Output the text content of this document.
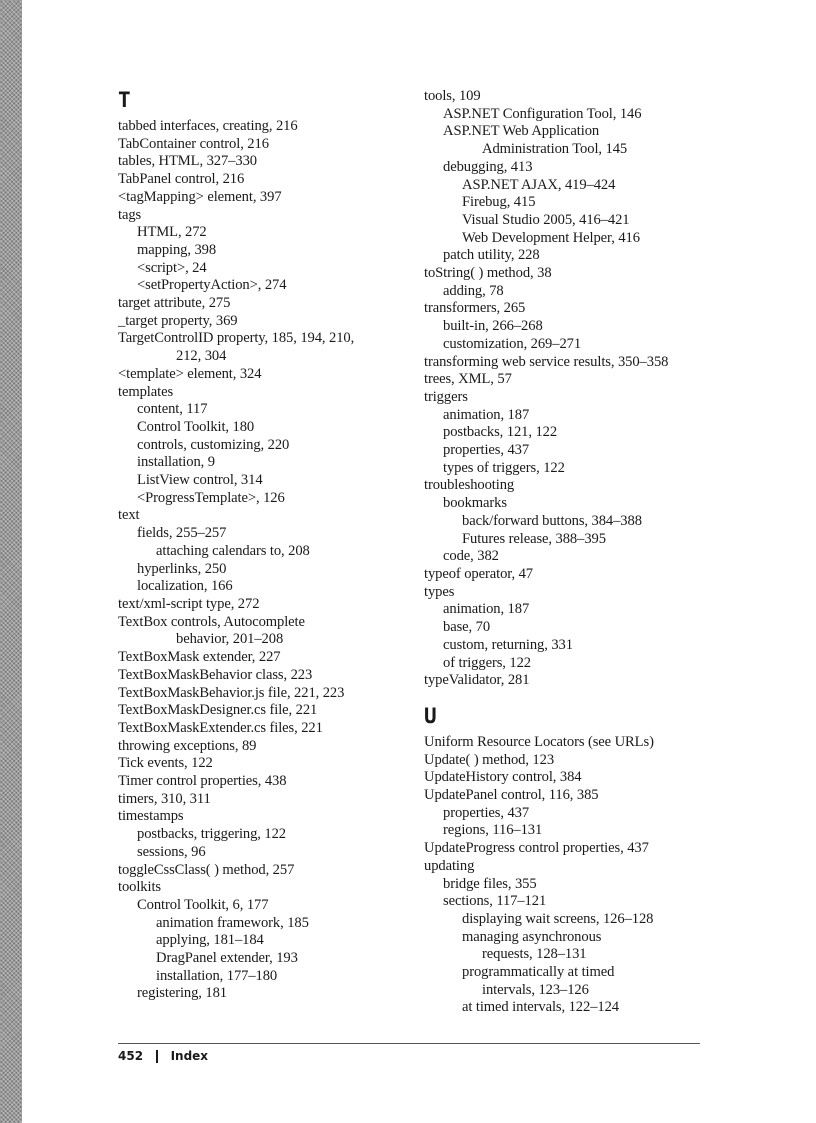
T
tabbed interfaces, creating, 216
TabContainer control, 216
tables, HTML, 327–330
TabPanel control, 216
<tagMapping> element, 397
tags
HTML, 272
mapping, 398
<script>, 24
<setPropertyAction>, 274
target attribute, 275
_target property, 369
TargetControlID property, 185, 194, 210,
212, 304
<template> element, 324
templates
content, 117
Control Toolkit, 180
controls, customizing, 220
installation, 9
ListView control, 314
<ProgressTemplate>, 126
text
fields, 255–257
attaching calendars to, 208
hyperlinks, 250
localization, 166
text/xml-script type, 272
TextBox controls, Autocomplete
behavior, 201–208
TextBoxMask extender, 227
TextBoxMaskBehavior class, 223
TextBoxMaskBehavior.js file, 221, 223
TextBoxMaskDesigner.cs file, 221
TextBoxMaskExtender.cs files, 221
throwing exceptions, 89
Tick events, 122
Timer control properties, 438
timers, 310, 311
timestamps
postbacks, triggering, 122
sessions, 96
toggleCssClass( ) method, 257
toolkits
Control Toolkit, 6, 177
animation framework, 185
applying, 181–184
DragPanel extender, 193
installation, 177–180
registering, 181
tools, 109
ASP.NET Configuration Tool, 146
ASP.NET Web Application
Administration Tool, 145
debugging, 413
ASP.NET AJAX, 419–424
Firebug, 415
Visual Studio 2005, 416–421
Web Development Helper, 416
patch utility, 228
toString( ) method, 38
adding, 78
transformers, 265
built-in, 266–268
customization, 269–271
transforming web service results, 350–358
trees, XML, 57
triggers
animation, 187
postbacks, 121, 122
properties, 437
types of triggers, 122
troubleshooting
bookmarks
back/forward buttons, 384–388
Futures release, 388–395
code, 382
typeof operator, 47
types
animation, 187
base, 70
custom, returning, 331
of triggers, 122
typeValidator, 281
U
Uniform Resource Locators (see URLs)
Update( ) method, 123
UpdateHistory control, 384
UpdatePanel control, 116, 385
properties, 437
regions, 116–131
UpdateProgress control properties, 437
updating
bridge files, 355
sections, 117–121
displaying wait screens, 126–128
managing asynchronous
requests, 128–131
programmatically at timed
intervals, 123–126
at timed intervals, 122–124
452 Index
